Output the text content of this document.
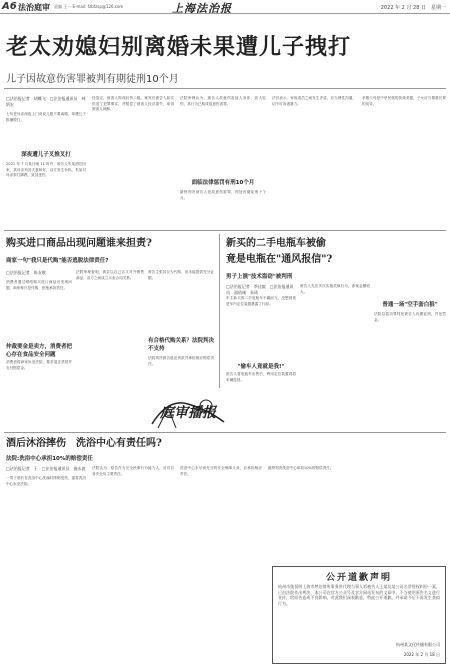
A6 法治庭审 责编 王一 E-mail: fzbfzsp@126.com	上海法治报	2022 年 2 月 28 日　星期一
老太劝媳妇别离婚未果遭儿子拽打
儿子因故意伤害罪被判有期徒刑10个月
□法治报记者　胡蝶飞　□法治报通讯员　林炳宏
七旬老母亲深夜上门劝说儿媳不要离婚，却遭儿子推搡殴打。
深夜遭儿子叉推叉打
2021 年 7 月某日晚 11 时许，被告人朱某酒后回家，其母亲劝其夫妻和好，双方发生争执，朱某对母亲拳打脚踢，致其受伤。
经鉴定，被害人构成轻伤二级。案发后被告人如实供述了犯罪事实，并赔偿了被害人经济损失，取得被害人谅解。
法院审理认为，被告人故意伤害他人身体，致人轻伤，其行为已构成故意伤害罪。
面临法律惩罚有刑10个月
最终判决被告人犯故意伤害罪，判处有期徒刑十个月。
法官表示，家庭成员之间发生矛盾，应当理性沟通，切不可诉诸暴力。
孝敬父母是中华民族的传统美德，子女应当尊重长辈的劝导。
购买进口商品出现问题谁来担责?
商家一句"我只是代购"能否逃脱法律责任?
□法治报记者　陈友敬
消费者通过网络购买进口商品后发现问题，商家称只是代购，拒绝承担责任。
仲裁要金是卖方，消费者把心存在食品安全问题
消费者将商家诉至法院，要求退还货款并支付赔偿金。
法院审理查明，被告以自己名义对外销售商品，双方之间成立买卖合同关系。
被告主张其仅为代购，但未能提供充分证据。
有合格代购关系？法院判决不支持
法院判决被告退还货款并承担相应赔偿责任。
新买的二手电瓶车被偷
竟是电瓶在"通风报信"?
男子上演"技术盗窃"被判刑
□法治报记者　季佳毅　□法治报通讯员　邵依刚　朱琦
车主新买的二手电瓶车不翼而飞，没想到竟是车内定位装置暴露了行踪。
"偷车人竟就是我!"
被告人将电瓶车出售后，利用定位装置再将车辆盗回。
被告人先后多次实施类似行为，涉案金额较大。
普通一场"空手套白狼"
法院以盗窃罪判处被告人有期徒刑，并处罚金。
庭审播报
酒后沐浴摔伤　洗浴中心有责任吗?
法院:洗浴中心承担10%的赔偿责任
□法治报记者　王　□法治报通讯员　施永波
一男子酒后在洗浴中心洗澡时摔倒受伤，遂将洗浴中心诉至法院。
法院认为，原告作为完全民事行为能力人，应对自身安全负主要责任。
洗浴中心未尽到充分的安全保障义务，应承担相应责任。
最终判决洗浴中心承担10%的赔偿责任。
公开道歉声明
杭州市奥恒明上海市梦达律所事务所代理当事人诉被告人王某及某公司名誉侵权纠纷一案，已由法院作出判决，本公司在官方公众号及官方网站发布的文章中，不当使用原告名义进行宣传，给原告造成不良影响，对此我们深表歉意，特此公开道歉，并承诺今后不再发生类似行为。
杭州某文化传播有限公司
2022 年 2 月 18 日
